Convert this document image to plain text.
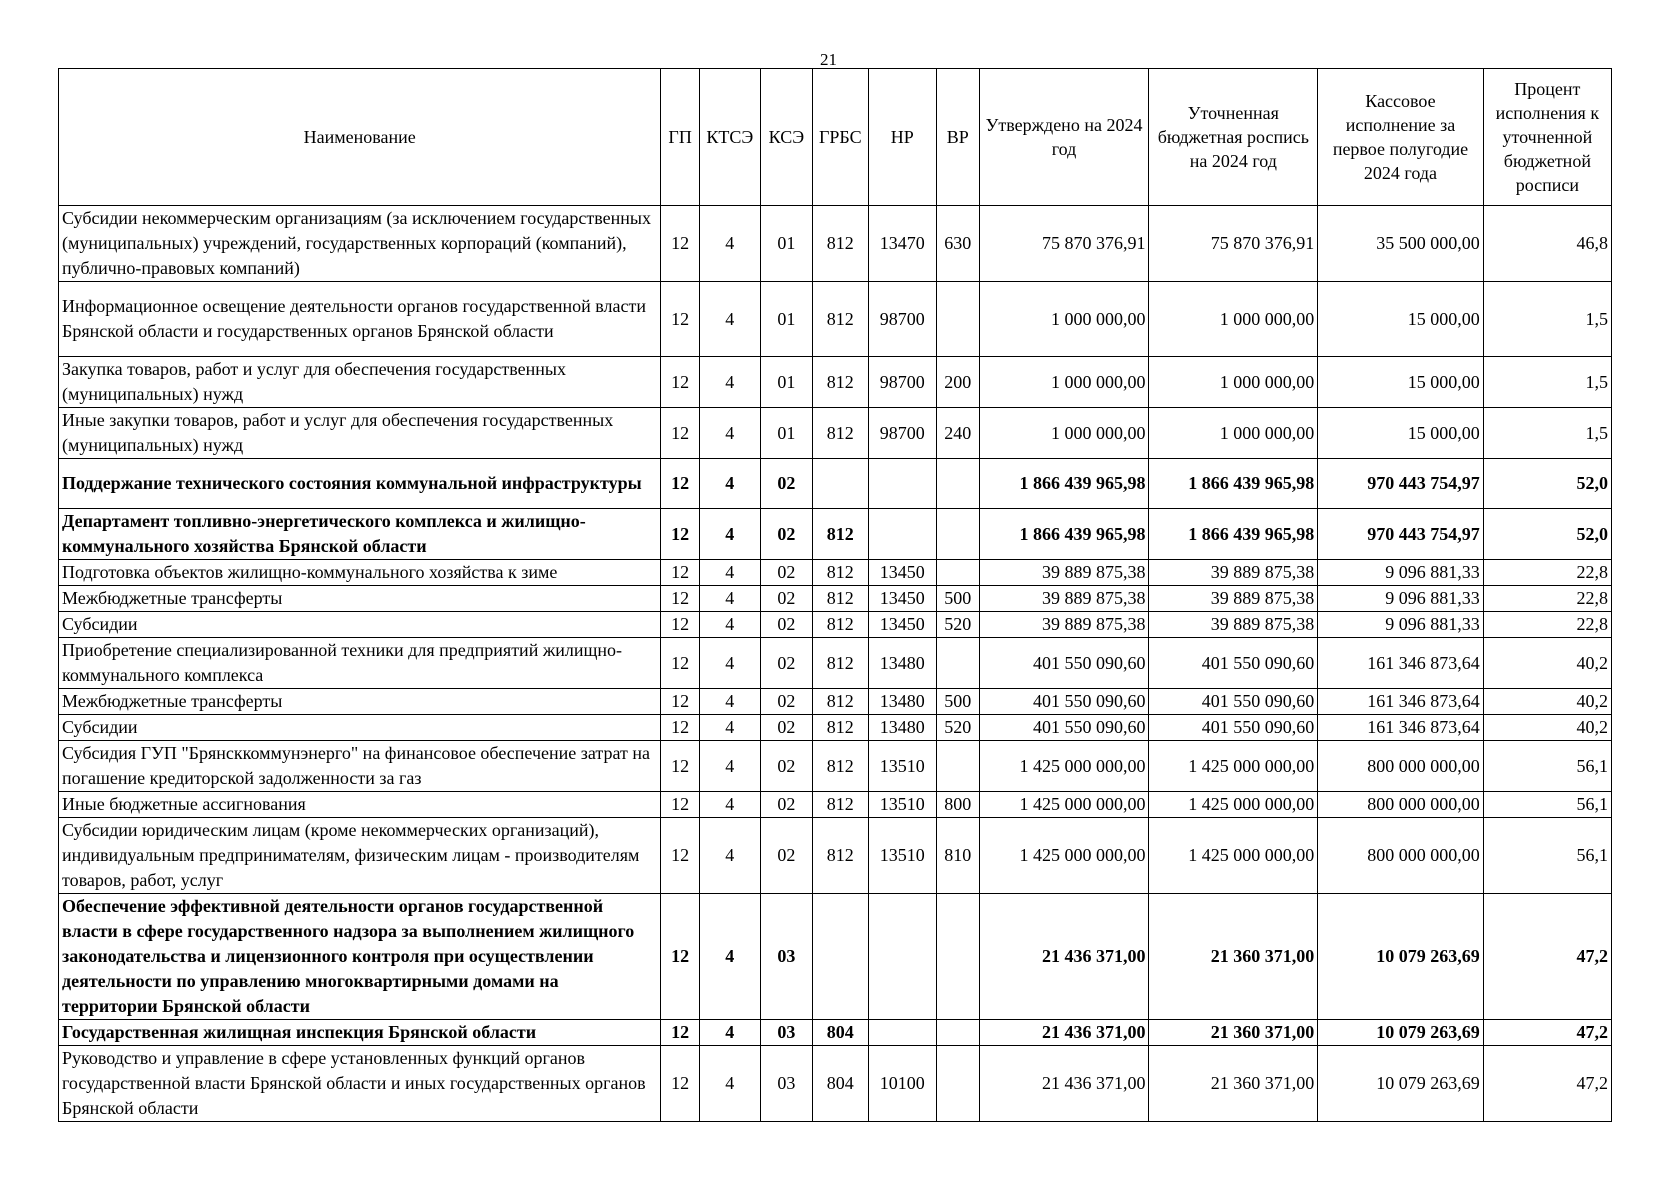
21
Наименование	ГП	КТСЭ	КСЭ	ГРБС	НР	ВР	Утверждено на 2024 год	Уточненная бюджетная роспись на 2024 год	Кассовое исполнение за первое полугодие 2024 года	Процент исполнения к уточненной бюджетной росписи
Субсидии некоммерческим организациям (за исключением государственных (муниципальных) учреждений, государственных корпораций (компаний), публично-правовых компаний)	12	4	01	812	13470	630	75 870 376,91	75 870 376,91	35 500 000,00	46,8
Информационное освещение деятельности органов государственной власти Брянской области и государственных органов Брянской области	12	4	01	812	98700		1 000 000,00	1 000 000,00	15 000,00	1,5
Закупка товаров, работ и услуг для обеспечения государственных (муниципальных) нужд	12	4	01	812	98700	200	1 000 000,00	1 000 000,00	15 000,00	1,5
Иные закупки товаров, работ и услуг для обеспечения государственных (муниципальных) нужд	12	4	01	812	98700	240	1 000 000,00	1 000 000,00	15 000,00	1,5
Поддержание технического состояния коммунальной инфраструктуры	12	4	02				1 866 439 965,98	1 866 439 965,98	970 443 754,97	52,0
Департамент топливно-энергетического комплекса и жилищно-коммунального хозяйства Брянской области	12	4	02	812			1 866 439 965,98	1 866 439 965,98	970 443 754,97	52,0
Подготовка объектов жилищно-коммунального хозяйства к зиме	12	4	02	812	13450		39 889 875,38	39 889 875,38	9 096 881,33	22,8
Межбюджетные трансферты	12	4	02	812	13450	500	39 889 875,38	39 889 875,38	9 096 881,33	22,8
Субсидии	12	4	02	812	13450	520	39 889 875,38	39 889 875,38	9 096 881,33	22,8
Приобретение специализированной техники для предприятий жилищно-коммунального комплекса	12	4	02	812	13480		401 550 090,60	401 550 090,60	161 346 873,64	40,2
Межбюджетные трансферты	12	4	02	812	13480	500	401 550 090,60	401 550 090,60	161 346 873,64	40,2
Субсидии	12	4	02	812	13480	520	401 550 090,60	401 550 090,60	161 346 873,64	40,2
Субсидия ГУП "Брянсккоммунэнерго" на финансовое обеспечение затрат на погашение кредиторской задолженности за газ	12	4	02	812	13510		1 425 000 000,00	1 425 000 000,00	800 000 000,00	56,1
Иные бюджетные ассигнования	12	4	02	812	13510	800	1 425 000 000,00	1 425 000 000,00	800 000 000,00	56,1
Субсидии юридическим лицам (кроме некоммерческих организаций), индивидуальным предпринимателям, физическим лицам - производителям товаров, работ, услуг	12	4	02	812	13510	810	1 425 000 000,00	1 425 000 000,00	800 000 000,00	56,1
Обеспечение эффективной деятельности органов государственной власти в сфере государственного надзора за выполнением жилищного законодательства и лицензионного контроля при осуществлении деятельности по управлению многоквартирными домами на территории Брянской области	12	4	03				21 436 371,00	21 360 371,00	10 079 263,69	47,2
Государственная жилищная инспекция Брянской области	12	4	03	804			21 436 371,00	21 360 371,00	10 079 263,69	47,2
Руководство и управление в сфере установленных функций органов государственной власти Брянской области и иных государственных органов Брянской области	12	4	03	804	10100		21 436 371,00	21 360 371,00	10 079 263,69	47,2
